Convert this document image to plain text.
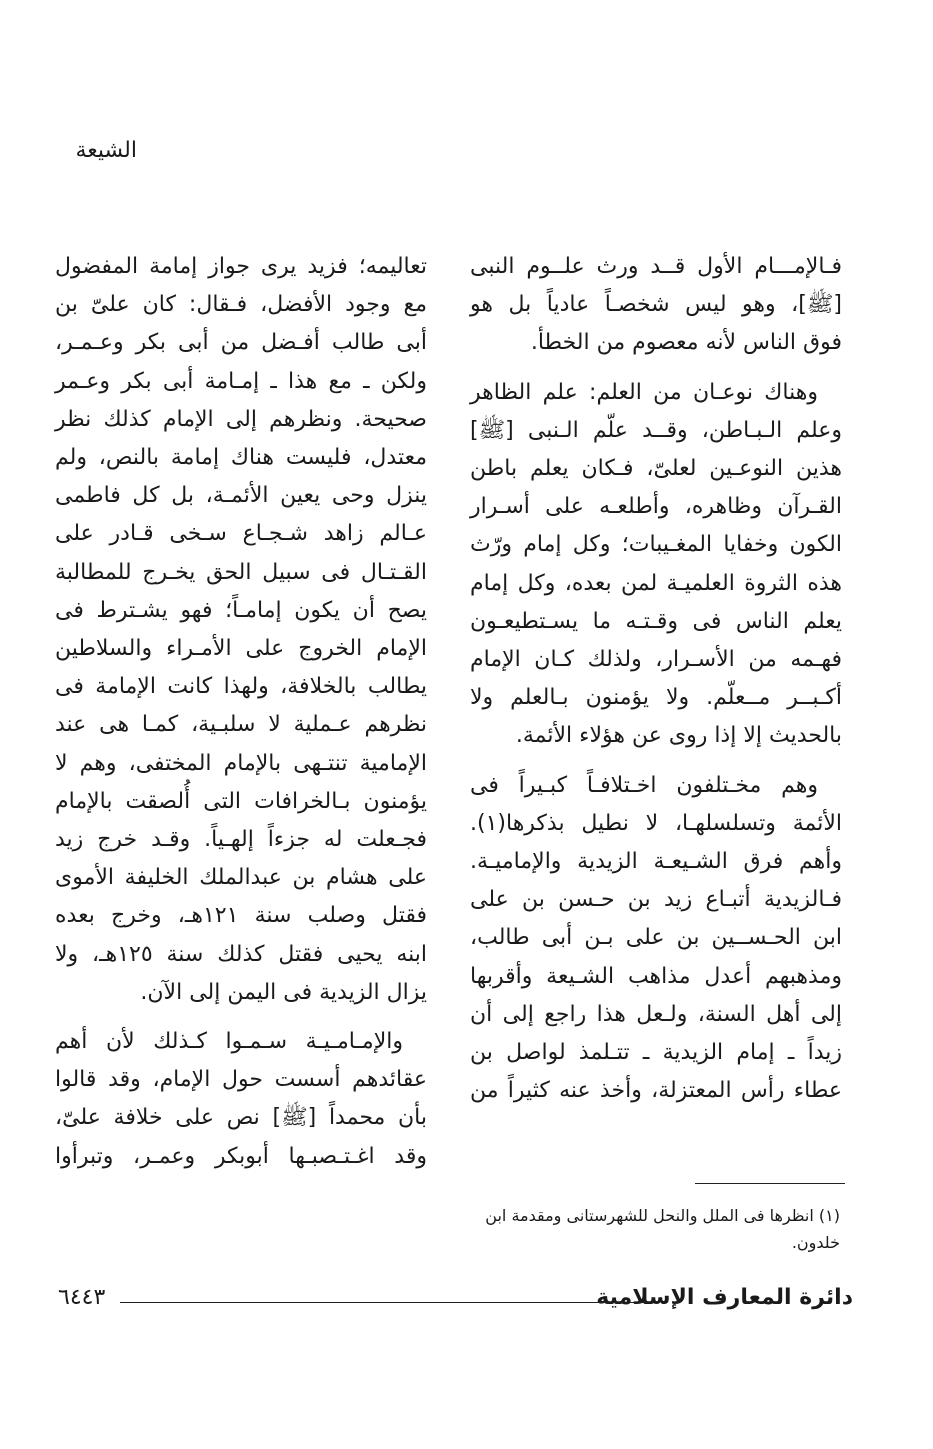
الشيعة

فـالإمـــام الأول قــد ورث علــوم النبى
[ﷺ]، وهو ليس شخصـاً عادياً بل هو
فوق الناس لأنه معصوم من الخطأ.

وهناك نوعـان من العلم: علم الظاهر
وعلم الـبـاطن، وقــد علّم الـنبى [ﷺ]
هذين النوعـين لعلىّ، فـكان يعلم باطن
القـرآن وظاهره، وأطلعـه على أسـرار
الكون وخفايا المغـيبات؛ وكل إمام ورّث
هذه الثروة العلميـة لمن بعده، وكل إمام
يعلم الناس فى وقـتـه ما يسـتطيعـون
فهـمه من الأسـرار، ولذلك كـان الإمام
أكـبــر مــعلّم. ولا يؤمنون بـالعلم ولا
بالحديث إلا إذا روى عن هؤلاء الأئمة.

وهم مخـتلفون اخـتلافـاً كبـيراً فى
الأئمة وتسلسلهـا، لا نطيل بذكرها(١).
وأهم فرق الشـيعـة الزيدية والإماميـة.
فـالزيدية أتبـاع زيد بن حـسن بن على
ابن الحـســين بن على بـن أبى طالب،
ومذهبهم أعدل مذاهب الشـيعة وأقربها
إلى أهل السنة، ولـعل هذا راجع إلى أن
زيداً ـ إمام الزيدية ـ تتـلمذ لواصل بن
عطاء رأس المعتزلة، وأخذ عنه كثيراً من

تعاليمه؛ فزيد يرى جواز إمامة المفضول
مع وجود الأفضل، فـقال: كان علىّ بن
أبى طالب أفـضل من أبى بكر وعـمـر،
ولكن ـ مع هذا ـ إمـامة أبى بكر وعـمر
صحيحة. ونظرهم إلى الإمام كذلك نظر
معتدل، فليست هناك إمامة بالنص، ولم
ينزل وحى يعين الأئمـة، بل كل فاطمى
عـالم زاهد شـجـاع سـخى قـادر على
القـتـال فى سبيل الحق يخـرج للمطالبة
يصح أن يكون إمامـاً؛ فهو يشـترط فى
الإمام الخروج على الأمـراء والسلاطين
يطالب بالخلافة، ولهذا كانت الإمامة فى
نظرهم عـملية لا سلبـية، كمـا هى عند
الإمامية تنتـهى بالإمام المختفى، وهم لا
يؤمنون بـالخرافات التى أُلصقت بالإمام
فجـعلت له جزءاً إلهـياً. وقـد خرج زيد
على هشام بن عبدالملك الخليفة الأموى
فقتل وصلب سنة ١٢١هـ، وخرج بعده
ابنه يحيى فقتل كذلك سنة ١٢٥هـ، ولا
يزال الزيدية فى اليمن إلى الآن.

والإمـامـيـة سـمـوا كـذلك لأن أهم
عقائدهم أسست حول الإمام، وقد قالوا
بأن محمداً [ﷺ] نص على خلافة علىّ،
وقد اغـتـصبـها أبوبكر وعمـر، وتبرأوا

(١) انظرها فى الملل والنحل للشهرستانى ومقدمة ابن خلدون.
دائرة المعارف الإسلامية
٦٤٤٣
